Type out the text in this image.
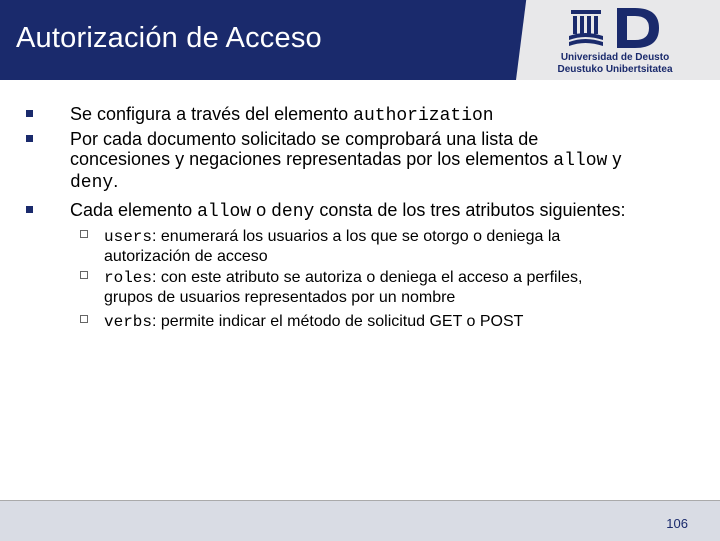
Autorización de Acceso
Universidad de Deusto
Deustuko Unibertsitatea
Se configura a través del elemento authorization
Por cada documento solicitado se comprobará una lista de
concesiones y negaciones representadas por los elementos allow y
deny.
Cada elemento allow o deny consta de los tres atributos siguientes:
users: enumerará los usuarios a los que se otorgo o deniega la
autorización de acceso
roles: con este atributo se autoriza o deniega el acceso a perfiles,
grupos de usuarios representados por un nombre
verbs: permite indicar el método de solicitud GET o POST
106
